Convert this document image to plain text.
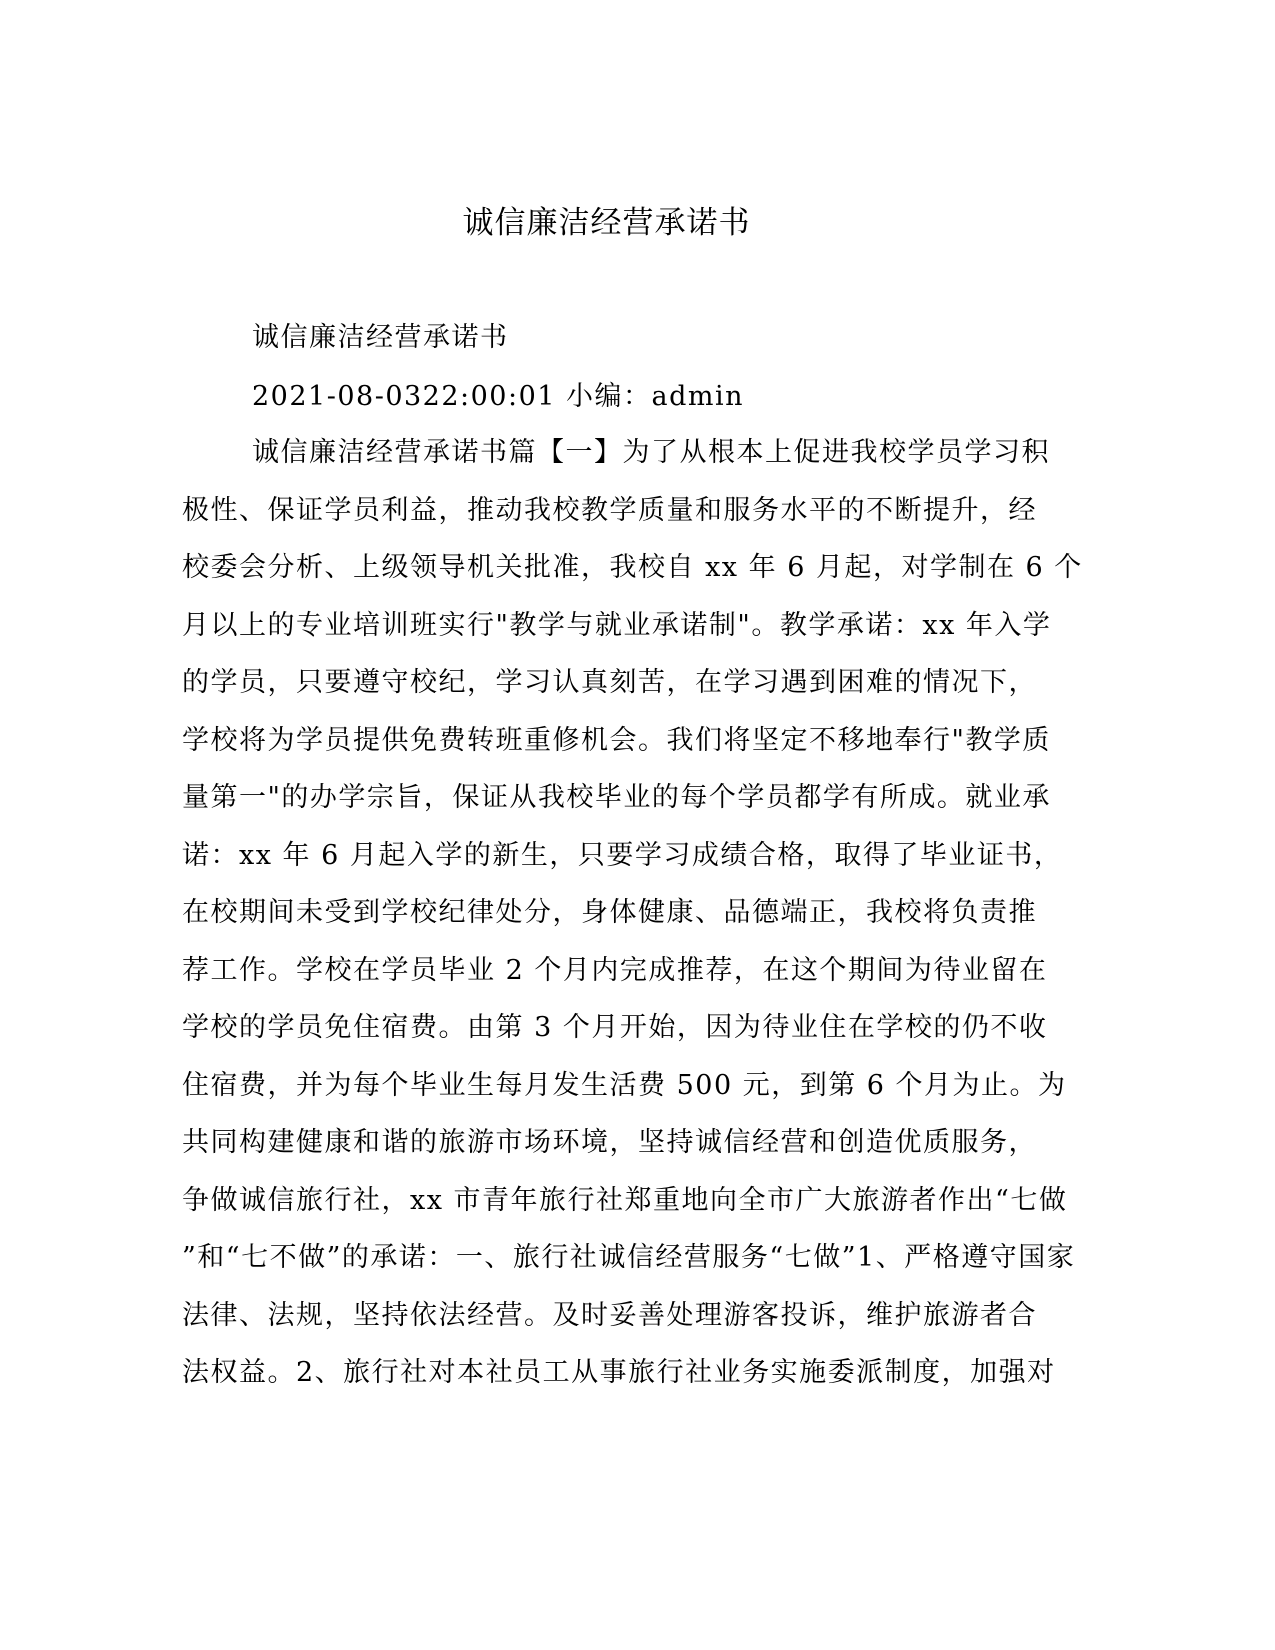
诚信廉洁经营承诺书
诚信廉洁经营承诺书
2021-08-0322:00:01 小编：admin
诚信廉洁经营承诺书篇【一】为了从根本上促进我校学员学习积
极性、保证学员利益，推动我校教学质量和服务水平的不断提升，经
校委会分析、上级领导机关批准，我校自 xx 年 6 月起，对学制在 6 个
月以上的专业培训班实行"教学与就业承诺制"。教学承诺：xx 年入学
的学员，只要遵守校纪，学习认真刻苦，在学习遇到困难的情况下，
学校将为学员提供免费转班重修机会。我们将坚定不移地奉行"教学质
量第一"的办学宗旨，保证从我校毕业的每个学员都学有所成。就业承
诺：xx 年 6 月起入学的新生，只要学习成绩合格，取得了毕业证书，
在校期间未受到学校纪律处分，身体健康、品德端正，我校将负责推
荐工作。学校在学员毕业 2 个月内完成推荐，在这个期间为待业留在
学校的学员免住宿费。由第 3 个月开始，因为待业住在学校的仍不收
住宿费，并为每个毕业生每月发生活费 500 元，到第 6 个月为止。为
共同构建健康和谐的旅游市场环境，坚持诚信经营和创造优质服务，
争做诚信旅行社，xx 市青年旅行社郑重地向全市广大旅游者作出“七做
”和“七不做”的承诺：一、旅行社诚信经营服务“七做”1、严格遵守国家
法律、法规，坚持依法经营。及时妥善处理游客投诉，维护旅游者合
法权益。2、旅行社对本社员工从事旅行社业务实施委派制度，加强对
